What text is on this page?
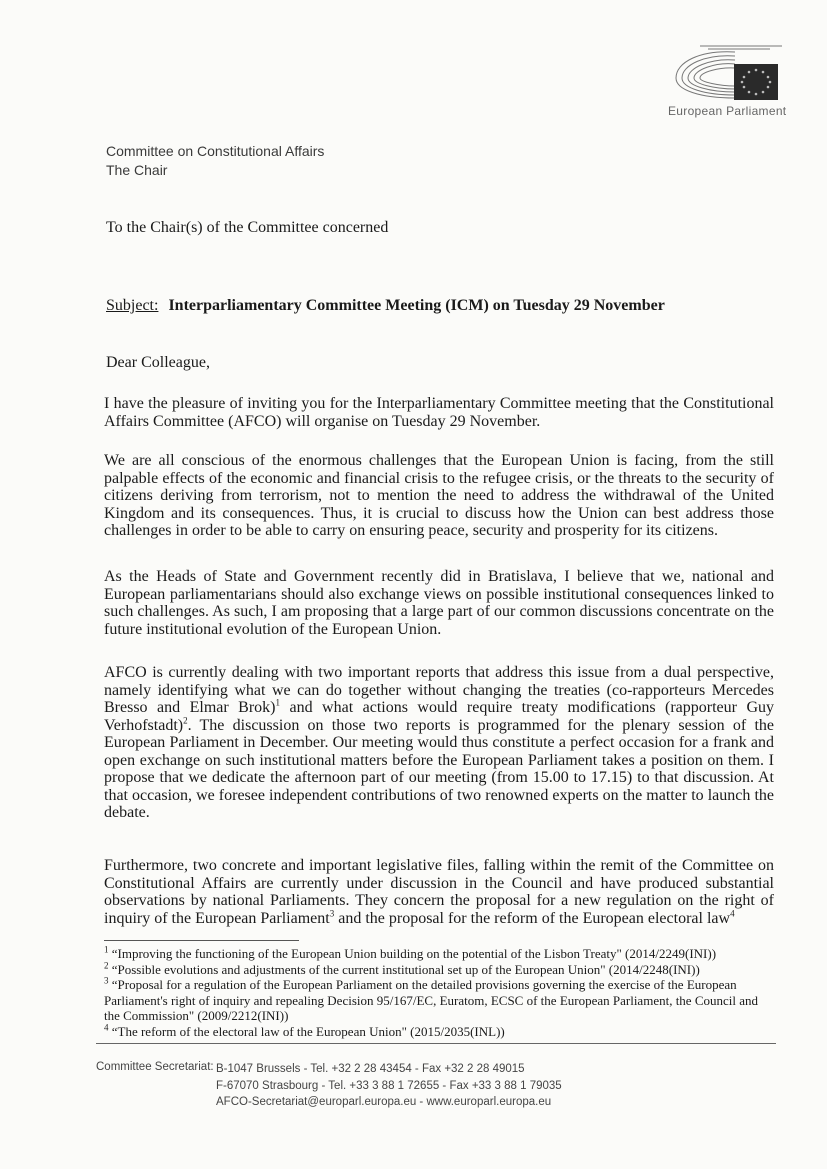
European Parliament
Committee on Constitutional Affairs
The Chair
To the Chair(s) of the Committee concerned
Subject: Interparliamentary Committee Meeting (ICM) on Tuesday 29 November
Dear Colleague,
I have the pleasure of inviting you for the Interparliamentary Committee meeting that the Constitutional Affairs Committee (AFCO) will organise on Tuesday 29 November.
We are all conscious of the enormous challenges that the European Union is facing, from the still palpable effects of the economic and financial crisis to the refugee crisis, or the threats to the security of citizens deriving from terrorism, not to mention the need to address the withdrawal of the United Kingdom and its consequences. Thus, it is crucial to discuss how the Union can best address those challenges in order to be able to carry on ensuring peace, security and prosperity for its citizens.
As the Heads of State and Government recently did in Bratislava, I believe that we, national and European parliamentarians should also exchange views on possible institutional consequences linked to such challenges. As such, I am proposing that a large part of our common discussions concentrate on the future institutional evolution of the European Union.
AFCO is currently dealing with two important reports that address this issue from a dual perspective, namely identifying what we can do together without changing the treaties (co-rapporteurs Mercedes Bresso and Elmar Brok)$^1$ and what actions would require treaty modifications (rapporteur Guy Verhofstadt)$^2$. The discussion on those two reports is programmed for the plenary session of the European Parliament in December. Our meeting would thus constitute a perfect occasion for a frank and open exchange on such institutional matters before the European Parliament takes a position on them. I propose that we dedicate the afternoon part of our meeting (from 15.00 to 17.15) to that discussion. At that occasion, we foresee independent contributions of two renowned experts on the matter to launch the debate.
Furthermore, two concrete and important legislative files, falling within the remit of the Committee on Constitutional Affairs are currently under discussion in the Council and have produced substantial observations by national Parliaments. They concern the proposal for a new regulation on the right of inquiry of the European Parliament$^3$ and the proposal for the reform of the European electoral law$^4$
$^1$ “Improving the functioning of the European Union building on the potential of the Lisbon Treaty" (2014/2249(INI))
$^2$ “Possible evolutions and adjustments of the current institutional set up of the European Union" (2014/2248(INI))
$^3$ “Proposal for a regulation of the European Parliament on the detailed provisions governing the exercise of the European Parliament's right of inquiry and repealing Decision 95/167/EC, Euratom, ECSC of the European Parliament, the Council and the Commission" (2009/2212(INI))
$^4$ “The reform of the electoral law of the European Union" (2015/2035(INL))
Committee Secretariat: B-1047 Brussels - Tel. +32 2 28 43454 - Fax +32 2 28 49015
F-67070 Strasbourg - Tel. +33 3 88 1 72655 - Fax +33 3 88 1 79035
AFCO-Secretariat@europarl.europa.eu - www.europarl.europa.eu
